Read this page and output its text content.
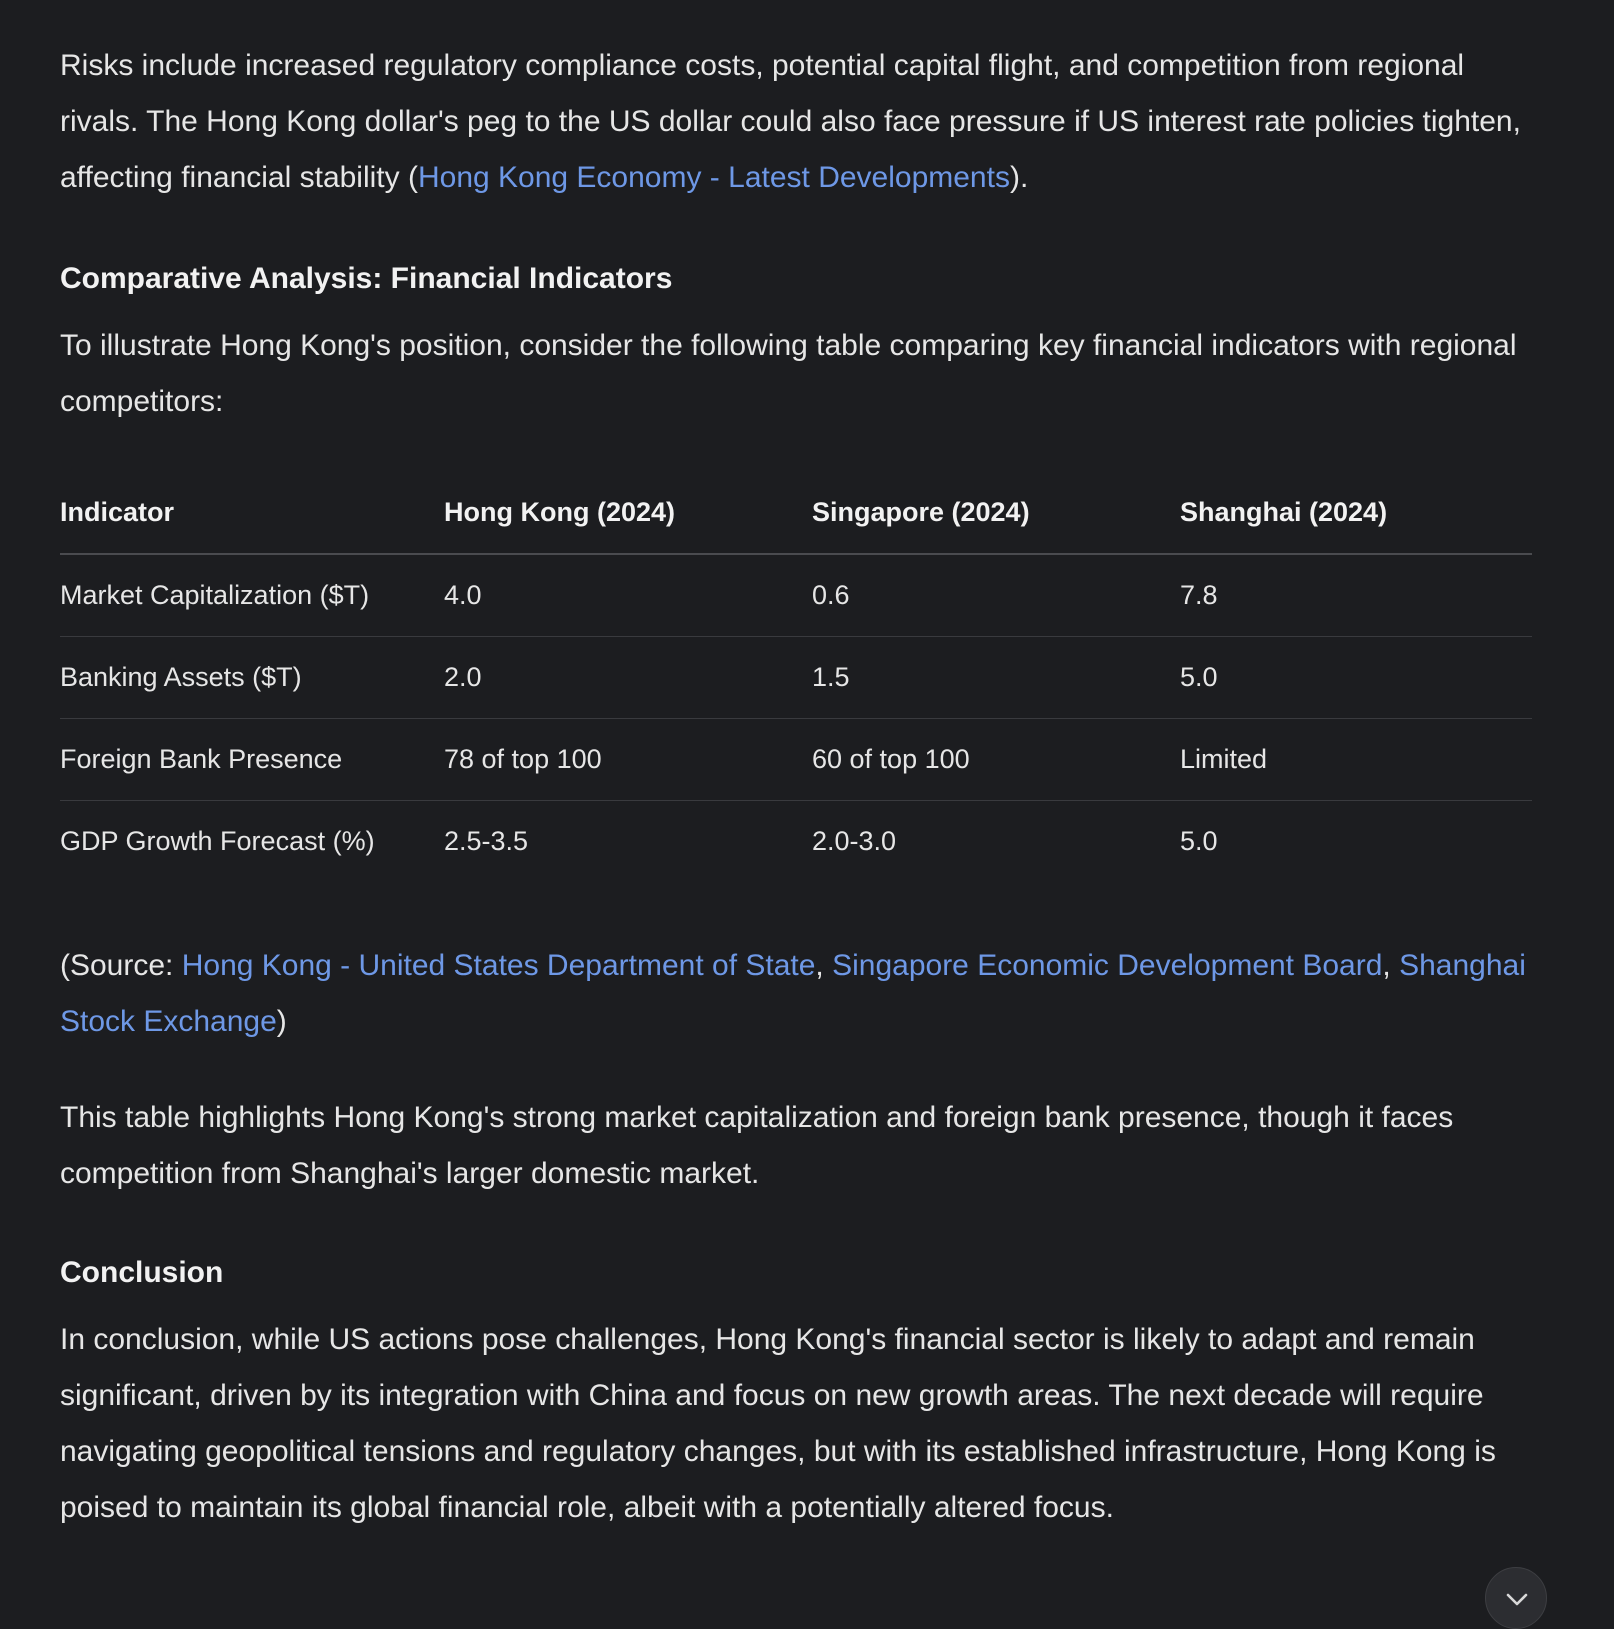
Risks include increased regulatory compliance costs, potential capital flight, and competition from regional rivals. The Hong Kong dollar's peg to the US dollar could also face pressure if US interest rate policies tighten, affecting financial stability (Hong Kong Economy - Latest Developments).

Comparative Analysis: Financial Indicators

To illustrate Hong Kong's position, consider the following table comparing key financial indicators with regional competitors:

Indicator	Hong Kong (2024)	Singapore (2024)	Shanghai (2024)
Market Capitalization ($T)	4.0	0.6	7.8
Banking Assets ($T)	2.0	1.5	5.0
Foreign Bank Presence	78 of top 100	60 of top 100	Limited
GDP Growth Forecast (%)	2.5-3.5	2.0-3.0	5.0

(Source: Hong Kong - United States Department of State, Singapore Economic Development Board, Shanghai Stock Exchange)

This table highlights Hong Kong's strong market capitalization and foreign bank presence, though it faces competition from Shanghai's larger domestic market.

Conclusion

In conclusion, while US actions pose challenges, Hong Kong's financial sector is likely to adapt and remain significant, driven by its integration with China and focus on new growth areas. The next decade will require navigating geopolitical tensions and regulatory changes, but with its established infrastructure, Hong Kong is poised to maintain its global financial role, albeit with a potentially altered focus.
